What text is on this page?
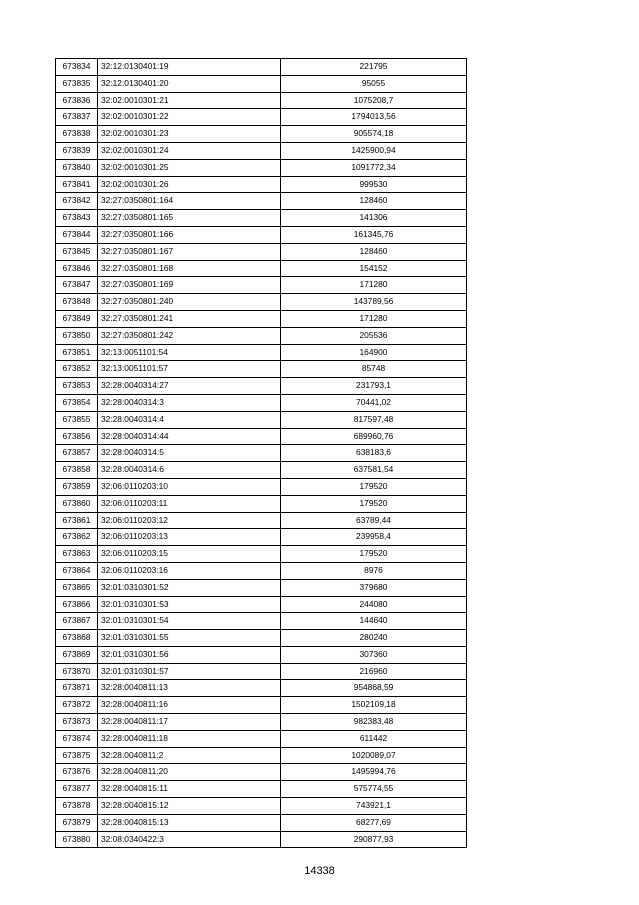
673834	32:12:0130401:19	221795
673835	32:12:0130401:20	95055
673836	32:02:0010301:21	1075208,7
673837	32:02:0010301:22	1794013,56
673838	32:02:0010301:23	905574,18
673839	32:02:0010301:24	1425900,94
673840	32:02:0010301:25	1091772,34
673841	32:02:0010301:26	999530
673842	32:27:0350801:164	128460
673843	32:27:0350801:165	141306
673844	32:27:0350801:166	161345,76
673845	32:27:0350801:167	128460
673846	32:27:0350801:168	154152
673847	32:27:0350801:169	171280
673848	32:27:0350801:240	143789,56
673849	32:27:0350801:241	171280
673850	32:27:0350801:242	205536
673851	32:13:0051101:54	164900
673852	32:13:0051101:57	85748
673853	32:28:0040314:27	231793,1
673854	32:28:0040314:3	70441,02
673855	32:28:0040314:4	817597,48
673856	32:28:0040314:44	689960,76
673857	32:28:0040314:5	638183,6
673858	32:28:0040314:6	637581,54
673859	32:06:0110203:10	179520
673860	32:06:0110203:11	179520
673861	32:06:0110203:12	63789,44
673862	32:06:0110203:13	239958,4
673863	32:06:0110203:15	179520
673864	32:06:0110203:16	8976
673865	32:01:0310301:52	379680
673866	32:01:0310301:53	244080
673867	32:01:0310301:54	144640
673868	32:01:0310301:55	280240
673869	32:01:0310301:56	307360
673870	32:01:0310301:57	216960
673871	32:28:0040811:13	954868,59
673872	32:28:0040811:16	1502109,18
673873	32:28:0040811:17	982383,48
673874	32:28:0040811:18	611442
673875	32:28:0040811:2	1020089,07
673876	32:28:0040811:20	1495994,76
673877	32:28:0040815:11	575774,55
673878	32:28:0040815:12	743921,1
673879	32:28:0040815:13	68277,69
673880	32:08:0340422:3	290877,93
14338
